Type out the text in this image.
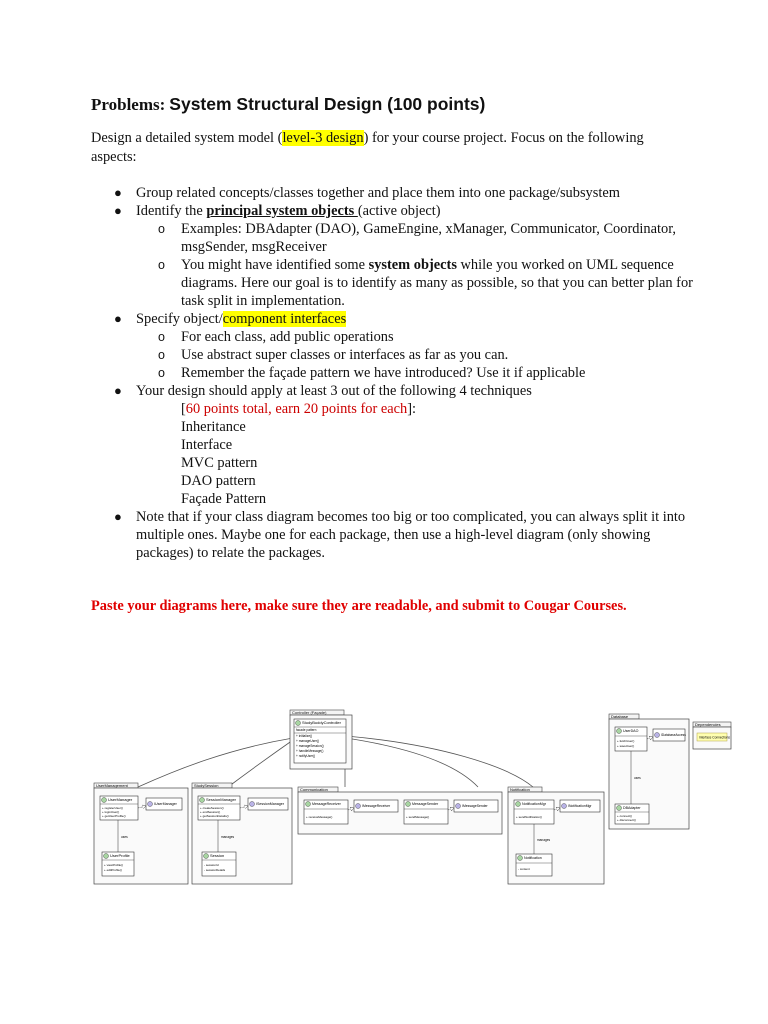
Problems: System Structural Design (100 points)
Design a detailed system model (level-3 design) for your course project. Focus on the following aspects:
● Group related concepts/classes together and place them into one package/subsystem
● Identify the principal system objects (active object)
o Examples: DBAdapter (DAO), GameEngine, xManager, Communicator, Coordinator, msgSender, msgReceiver
o You might have identified some system objects while you worked on UML sequence diagrams. Here our goal is to identify as many as possible, so that you can better plan for task split in implementation.
● Specify object/component interfaces
o For each class, add public operations
o Use abstract super classes or interfaces as far as you can.
o Remember the façade pattern we have introduced? Use it if applicable
● Your design should apply at least 3 out of the following 4 techniques
[60 points total, earn 20 points for each]:
Inheritance
Interface
MVC pattern
DAO pattern
Façade Pattern
● Note that if your class diagram becomes too big or too complicated, you can always split it into multiple ones. Maybe one for each package, then use a high-level diagram (only showing packages) to relate the packages.
Paste your diagrams here, make sure they are readable, and submit to Cougar Courses.
Controller (Façade)
StudyBuddyController
facade pattern
+ initialize()
+ manageUser()
+ manageSession()
+ handleMessage()
+ notifyUser()
UserManagement
UserManager
+ registerUser()
+ loginUser()
+ getUserProfile()
IUserManager
uses
UserProfile
+ viewProfile()
+ editProfile()
StudySession
SessionManager
+ createSession()
+ endSession()
+ getSessionDetails()
ISessionManager
manages
Session
- sessionId
- sessionDetails
Communication
MessageReceiver
+ receiveMessage()
IMessageReceiver	MessageSender
+ sendMessage()
IMessageSender
Notification
NotificationMgr
+ sendNotification()
INotificationMgr
manages
Notification
- content
Database
UserDAO
+ fetchUser()
+ saveUser()
IDatabaseAccess
uses
DBAdapter
+ connect()
+ disconnect()
Dependencies
Interface Connections
